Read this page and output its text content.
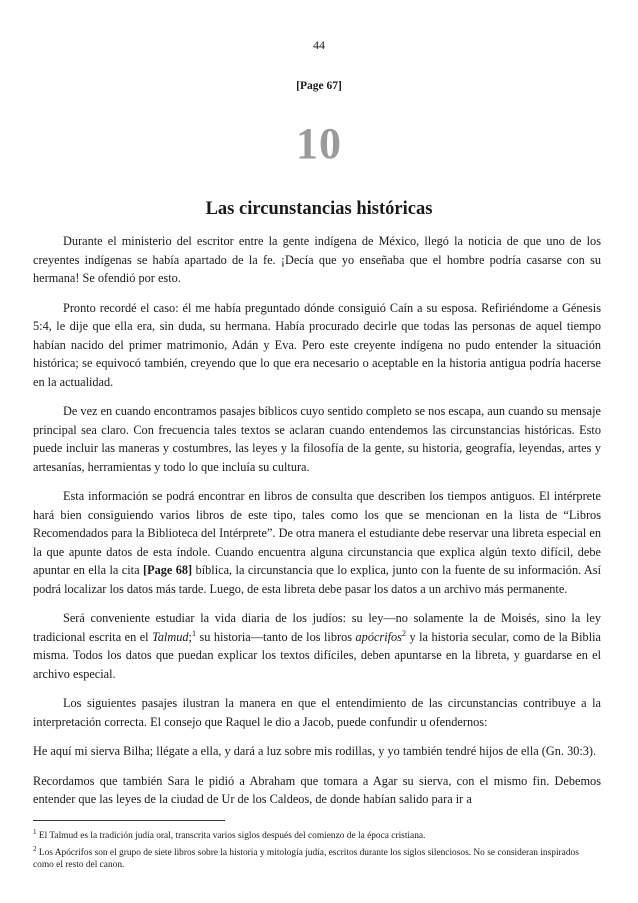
44
[Page 67]
10
Las circunstancias históricas

Durante el ministerio del escritor entre la gente indígena de México, llegó la noticia de que uno de los creyentes indígenas se había apartado de la fe. ¡Decía que yo enseñaba que el hombre podría casarse con su hermana! Se ofendió por esto.

Pronto recordé el caso: él me había preguntado dónde consiguió Caín a su esposa. Refiriéndome a Génesis 5:4, le dije que ella era, sin duda, su hermana. Había procurado decirle que todas las personas de aquel tiempo habían nacido del primer matrimonio, Adán y Eva. Pero este creyente indígena no pudo entender la situación histórica; se equivocó también, creyendo que lo que era necesario o aceptable en la historia antigua podría hacerse en la actualidad.

De vez en cuando encontramos pasajes bíblicos cuyo sentido completo se nos escapa, aun cuando su mensaje principal sea claro. Con frecuencia tales textos se aclaran cuando entendemos las circunstancias históricas. Esto puede incluir las maneras y costumbres, las leyes y la filosofía de la gente, su historia, geografía, leyendas, artes y artesanías, herramientas y todo lo que incluía su cultura.

Esta información se podrá encontrar en libros de consulta que describen los tiempos antiguos. El intérprete hará bien consiguiendo varios libros de este tipo, tales como los que se mencionan en la lista de “Libros Recomendados para la Biblioteca del Intérprete”. De otra manera el estudiante debe reservar una libreta especial en la que apunte datos de esta índole. Cuando encuentra alguna circunstancia que explica algún texto difícil, debe apuntar en ella la cita [Page 68] bíblica, la circunstancia que lo explica, junto con la fuente de su información. Así podrá localizar los datos más tarde. Luego, de esta libreta debe pasar los datos a un archivo más permanente.

Será conveniente estudiar la vida diaria de los judíos: su ley—no solamente la de Moisés, sino la ley tradicional escrita en el Talmud;$^1$ su historia—tanto de los libros apócrifos$^2$ y la historia secular, como de la Biblia misma. Todos los datos que puedan explicar los textos difíciles, deben apuntarse en la libreta, y guardarse en el archivo especial.

Los siguientes pasajes ilustran la manera en que el entendimiento de las circunstancias contribuye a la interpretación correcta. El consejo que Raquel le dio a Jacob, puede confundir u ofendernos:

He aquí mi sierva Bilha; llégate a ella, y dará a luz sobre mis rodillas, y yo también tendré hijos de ella (Gn. 30:3).

Recordamos que también Sara le pidió a Abraham que tomara a Agar su sierva, con el mismo fin. Debemos entender que las leyes de la ciudad de Ur de los Caldeos, de donde habían salido para ir a

$^1$ El Talmud es la tradición judía oral, transcrita varios siglos después del comienzo de la época cristiana.

$^2$ Los Apócrifos son el grupo de siete libros sobre la historia y mitología judía, escritos durante los siglos silenciosos. No se consideran inspirados como el resto del canon.
